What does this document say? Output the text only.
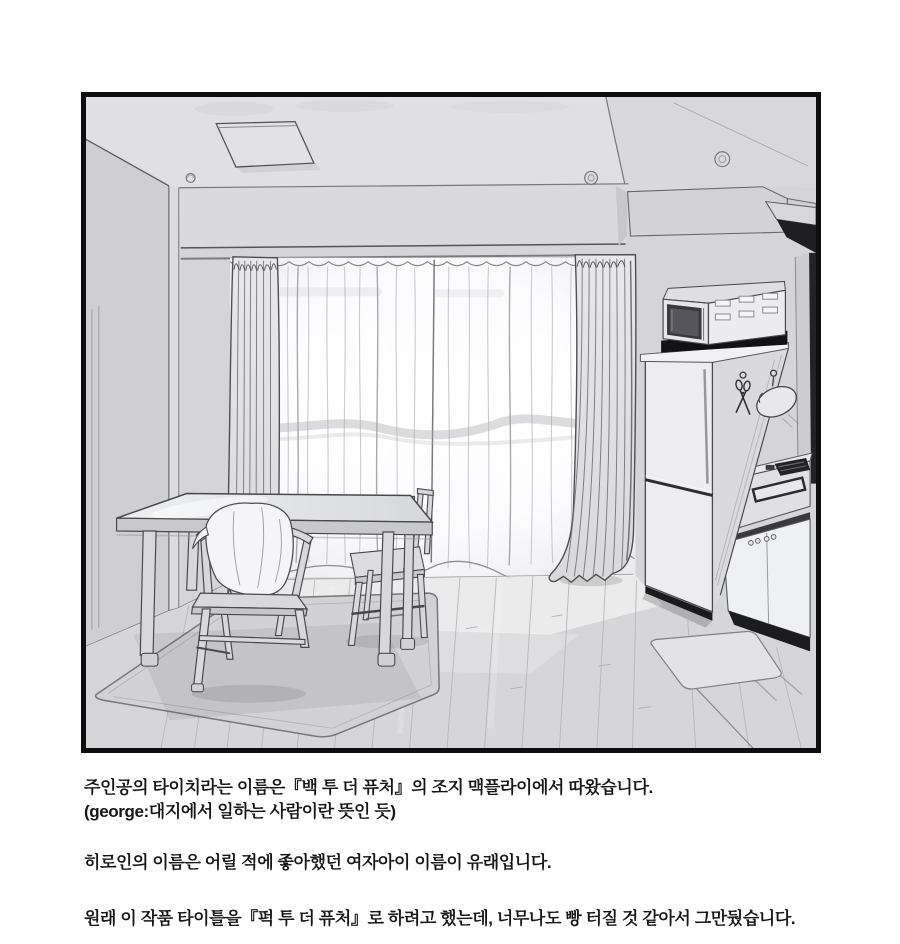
주인공의 타이치라는 이름은『백 투 더 퓨처』의 조지 맥플라이에서 따왔습니다.
(george:대지에서 일하는 사람이란 뜻인 듯)
히로인의 이름은 어릴 적에 좋아했던 여자아이 이름이 유래입니다.
원래 이 작품 타이틀을『퍽 투 더 퓨처』로 하려고 했는데, 너무나도 빵 터질 것 같아서 그만뒀습니다.
